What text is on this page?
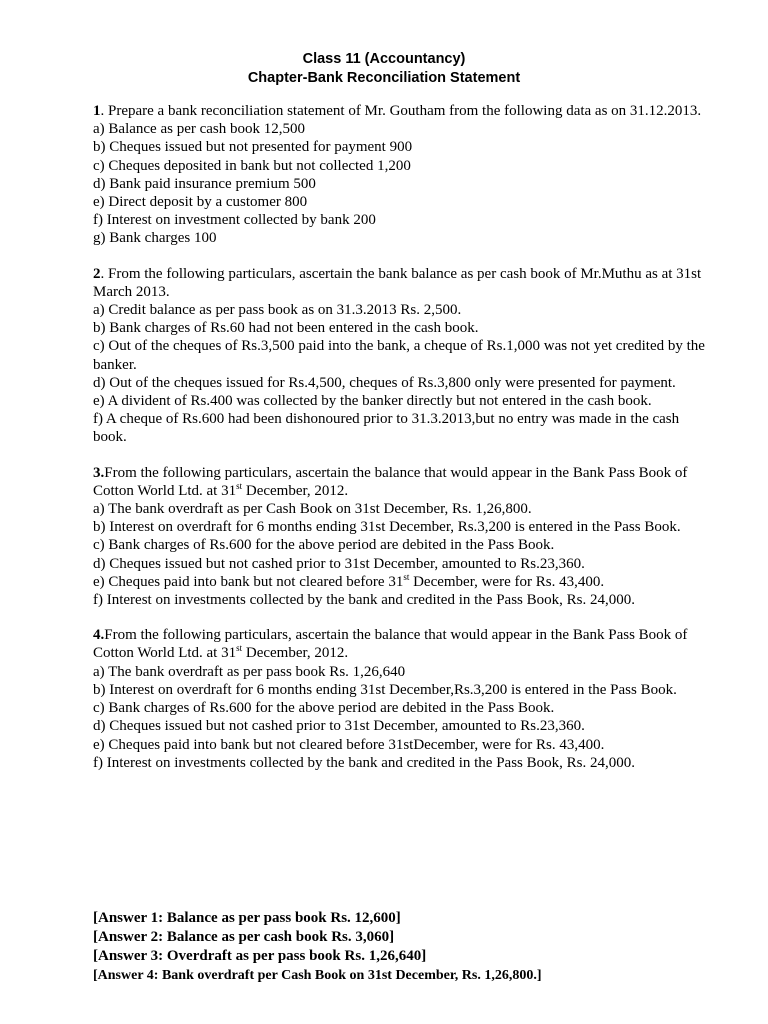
Class 11 (Accountancy)
Chapter-Bank Reconciliation Statement

1. Prepare a bank reconciliation statement of Mr. Goutham from the following data as on 31.12.2013.

a) Balance as per cash book 12,500

b) Cheques issued but not presented for payment 900

c) Cheques deposited in bank but not collected 1,200

d) Bank paid insurance premium 500

e) Direct deposit by a customer 800

f) Interest on investment collected by bank 200

g) Bank charges 100

2. From the following particulars, ascertain the bank balance as per cash book of Mr.Muthu as at 31st March 2013.

a) Credit balance as per pass book as on 31.3.2013 Rs. 2,500.

b) Bank charges of Rs.60 had not been entered in the cash book.

c) Out of the cheques of Rs.3,500 paid into the bank, a cheque of Rs.1,000 was not yet credited by the banker.

d) Out of the cheques issued for Rs.4,500, cheques of Rs.3,800 only were presented for payment.

e) A divident of Rs.400 was collected by the banker directly but not entered in the cash book.

f) A cheque of Rs.600 had been dishonoured prior to 31.3.2013,but no entry was made in the cash book.

3.From the following particulars, ascertain the balance that would appear in the Bank Pass Book of Cotton World Ltd. at 31st December, 2012.

a) The bank overdraft as per Cash Book on 31st December, Rs. 1,26,800.

b) Interest on overdraft for 6 months ending 31st December, Rs.3,200 is entered in the Pass Book.

c) Bank charges of Rs.600 for the above period are debited in the Pass Book.

d) Cheques issued but not cashed prior to 31st December, amounted to Rs.23,360.

e) Cheques paid into bank but not cleared before 31st December, were for Rs. 43,400.

f) Interest on investments collected by the bank and credited in the Pass Book, Rs. 24,000.

4.From the following particulars, ascertain the balance that would appear in the Bank Pass Book of Cotton World Ltd. at 31st December, 2012.

a) The bank overdraft as per pass book Rs. 1,26,640

b) Interest on overdraft for 6 months ending 31st December,Rs.3,200 is entered in the Pass Book.

c) Bank charges of Rs.600 for the above period are debited in the Pass Book.

d) Cheques issued but not cashed prior to 31st December, amounted to Rs.23,360.

e) Cheques paid into bank but not cleared before 31stDecember, were for Rs. 43,400.

f) Interest on investments collected by the bank and credited in the Pass Book, Rs. 24,000.

[Answer 1: Balance as per pass book Rs. 12,600]

[Answer 2: Balance as per cash book Rs. 3,060]

[Answer 3: Overdraft as per pass book Rs. 1,26,640]

[Answer 4: Bank overdraft per Cash Book on 31st December, Rs. 1,26,800.]
